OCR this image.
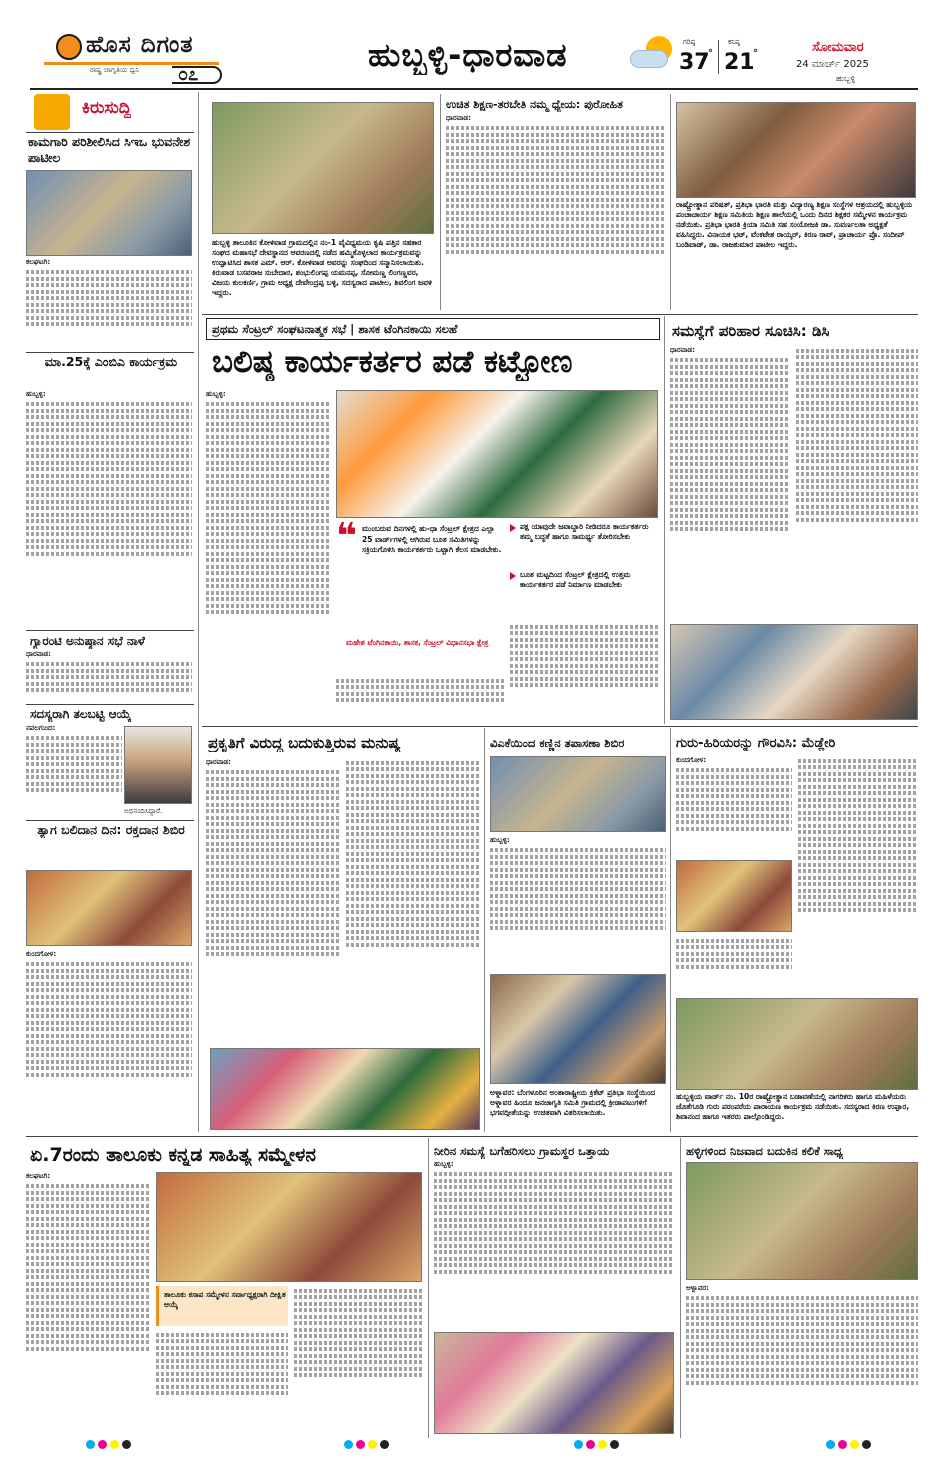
ಹೊಸ ದಿಗಂತ
ರಾಷ್ಟ್ರ ಜಾಗೃತಿಯ ಧ್ವನಿ ೦೭
ಹುಬ್ಬಳ್ಳಿ-ಧಾರವಾಡ	ಗರಿಷ್ಠ
37
°
ಕನಿಷ್ಠ
21
°	ಸೋಮವಾರ
24 ಮಾರ್ಚ್ 2025
ಹುಬ್ಬಳ್ಳಿ
ಕಿರುಸುದ್ದಿ
ಕಾಮಗಾರಿ ಪರಿಶೀಲಿಸಿದ ಸಿಇಒ ಭುವನೇಶ ಪಾಟೀಲ
ಕಲಘಟಗಿ:
ಮಾ.25ಕ್ಕೆ ಎಂಬಿಎ ಕಾರ್ಯಕ್ರಮ
ಹುಬ್ಬಳ್ಳಿ:
ಗ್ಯಾರಂಟಿ ಅನುಷ್ಠಾನ ಸಭೆ ನಾಳೆ
ಧಾರವಾಡ:
ಸದಸ್ಯರಾಗಿ ತಲಬಟ್ಟಿ ಆಯ್ಕೆ
ನವಲಗುಂದ:
ಅಭಿನಂದಿಸಿದ್ದಾರೆ.
ತ್ಯಾಗ ಬಲಿದಾನ ದಿನ: ರಕ್ತದಾನ ಶಿಬಿರ
ಕುಂದಗೋಳ:
ಹುಬ್ಬಳ್ಳಿ ತಾಲೂಕಿನ ಕೋಳಿವಾಡ ಗ್ರಾಮದಲ್ಲಿನ ನಂ-1 ವೈವಿಧ್ಯಮಯ ಕೃಷಿ ಪತ್ತಿನ ಸಹಕಾರ ಸಂಘದ ಮಹಾಸಭೆ ದೇವಸ್ಥಾನದ ಆವರಣದಲ್ಲಿ ನಡೆದ ಹಮ್ಮಿಕೊಳ್ಳಲಾದ ಕಾರ್ಯಕ್ರಮವನ್ನು ಉದ್ಘಾಟಿಸಿದ ಶಾಸಕ ಎಮ್. ಆರ್. ಕೋಳಿವಾಡ ಅವರನ್ನು ಸಂಘದಿಂದ ಸನ್ಮಾನಿಸಲಾಯಿತು. ಕಿರುವಾಡ ಬಸವರಾಜ ಸುಬೇದಾರ, ಶಂಭುಲಿಂಗಪ್ಪ ಯಮನಪ್ಪ, ಸೋಮಣ್ಣ ಲಿಂಗಣ್ಣವರ, ವಿಜಯ ಕುಲಕರ್ಣಿ, ಗ್ರಾಮ ಅಧ್ಯಕ್ಷ ದೇವೇಂದ್ರಪ್ಪ ಬಳ್ಳಿ, ಸದಸ್ಯರಾದ ಪಾಟೀಲ, ಶಿವಲಿಂಗ ಜವಳಿ ಇದ್ದರು.
ಉಚಿತ ಶಿಕ್ಷಣ-ತರಬೇತಿ ನಮ್ಮ ಧ್ಯೇಯ: ಪುರೋಹಿತ
ಧಾರವಾಡ:
ರಾಷ್ಟ್ರೋತ್ಥಾನ ಪರಿಷತ್, ಪ್ರತಿಭಾ ಭಾರತಿ ಮತ್ತು ವಿದ್ಯಾರಣ್ಯ ಶಿಕ್ಷಣ ಸಂಸ್ಥೆಗಳ ಆಶ್ರಯದಲ್ಲಿ ಹುಬ್ಬಳ್ಳಿಯ ಪಂಚಾಚಾರ್ಯ ಶಿಕ್ಷಣ ಸಮಿತಿಯ ಶಿಕ್ಷಣ ಶಾಲೆಯಲ್ಲಿ ಒಂದು ದಿನದ ಶಿಕ್ಷಕರ ಸಮ್ಮೇಳನ ಕಾರ್ಯಕ್ರಮ ನಡೆಯಿತು. ಪ್ರತಿಭಾ ಭಾರತಿ ಕ್ರಿಯಾ ಸಮಿತಿ ಸಹ ಸಂಯೋಜಕಿ ಡಾ. ಸುವರ್ಣಲತಾ ಅಧ್ಯಕ್ಷತೆ ವಹಿಸಿದ್ದರು. ವಿನಾಯಕ ಭಟ್, ವೆಂಕಟೇಶ ರಾಯ್ಕರ್, ಕಿರಣ ರಾವ್, ಪ್ರಾಚಾರ್ಯ ಪ್ರೊ. ಸಂದೀಪ್ ಬಂಡಿವಾಡ್, ಡಾ. ರಾಜಕುಮಾರ ಪಾಟೀಲ ಇದ್ದರು.
ಪ್ರಥಮ ಸೆಂಟ್ರಲ್ ಸಂಘಟನಾತ್ಮಕ ಸಭೆ | ಶಾಸಕ ಟೆಂಗಿನಕಾಯಿ ಸಲಹೆ
ಬಲಿಷ್ಠ ಕಾರ್ಯಕರ್ತರ ಪಡೆ ಕಟ್ಟೋಣ
ಹುಬ್ಬಳ್ಳಿ:
❝ ಮುಂಬರುವ ದಿನಗಳಲ್ಲಿ ಹು-ಧಾ ಸೆಂಟ್ರಲ್ ಕ್ಷೇತ್ರದ ಎಲ್ಲಾ 25 ವಾರ್ಡ್‌ಗಳಲ್ಲಿ ಆಗಿರುವ ಬೂತ ಸಮಿತಿಗಳನ್ನು ಸಕ್ರಿಯಗೊಳಿಸಿ ಕಾರ್ಯಕರ್ತರು ಒಟ್ಟಾಗಿ ಕೆಲಸ ಮಾಡಬೇಕು.
ಮಹೇಶ ಟೆಂಗಿನಕಾಯಿ, ಶಾಸಕ, ಸೆಂಟ್ರಲ್ ವಿಧಾನಸಭಾ ಕ್ಷೇತ್ರ
ಪಕ್ಷ ಯಾವುದೇ ಜವಾಬ್ದಾರಿ ನೀಡಿದರೂ ಕಾರ್ಯಕರ್ತರು ತಮ್ಮ ಬದ್ಧತೆ ಹಾಗೂ ಸಾಮರ್ಥ್ಯ ತೋರಿಸಬೇಕು
ಬೂತ ಮಟ್ಟದಿಂದ ಸೆಂಟ್ರಲ್ ಕ್ಷೇತ್ರದಲ್ಲಿ ಉತ್ತಮ ಕಾರ್ಯಕರ್ತರ ಪಡೆ ನಿರ್ಮಾಣ ಮಾಡಬೇಕು
ಸಮಸ್ಯೆಗೆ ಪರಿಹಾರ ಸೂಚಿಸಿ: ಡಿಸಿ
ಧಾರವಾಡ:
ಪ್ರಕೃತಿಗೆ ವಿರುದ್ಧ ಬದುಕುತ್ತಿರುವ ಮನುಷ್ಯ
ಧಾರವಾಡ:
ವಿಎಕೆಯಿಂದ ಕಣ್ಣಿನ ತಪಾಸಣಾ ಶಿಬಿರ
ಹುಬ್ಬಳ್ಳಿ:
ಅಳ್ನಾವರ: ಬೆಂಗಳೂರಿನ ಅಂತಾರಾಷ್ಟ್ರೀಯ ಕ್ರಿಕೆಟ್ ಪ್ರತಿಭಾ ಸಂಸ್ಥೆಯಿಂದ ಅಳ್ನಾವರ ಹಿಂದೂ ಜನಜಾಗೃತಿ ಸಮಿತಿ ಗ್ರಾಮದಲ್ಲಿ ಕ್ರೀಡಾಪಟುಗಳಿಗೆ ಭಗವದ್ಗೀತೆಯನ್ನು ಉಚಿತವಾಗಿ ವಿತರಿಸಲಾಯಿತು.
ಗುರು-ಹಿರಿಯರನ್ನು ಗೌರವಿಸಿ: ಮೆಡ್ಲೇರಿ
ಕುಂದಗೋಳ:
ಹುಬ್ಬಳ್ಳಿಯ ವಾರ್ಡ್ ನಂ. 10ರ ರಾಷ್ಟ್ರೋತ್ಥಾನ ಬಡಾವಣೆಯಲ್ಲಿ ನಾಗರಿಕರು ಹಾಗೂ ಮಹಿಳೆಯರು ಜೊತೆಗೂಡಿ ಗುರು ಪರಂಪರೆಯ ಪಾರಾಯಣ ಕಾರ್ಯಕ್ರಮ ನಡೆಯಿತು. ಸದಸ್ಯರಾದ ಕಿರಣ ಉಪ್ಪಾರ, ಶಿವಾನಂದ ಹಾಗೂ ಇತರರು ಪಾಲ್ಗೊಂಡಿದ್ದರು.
ಏ.7ರಂದು ತಾಲೂಕು ಕನ್ನಡ ಸಾಹಿತ್ಯ ಸಮ್ಮೇಳನ
ಕಲಘಟಗಿ:
ತಾಲೂಕು ಕಸಾಪ ಸಮ್ಮೇಳನ ಸರ್ವಾಧ್ಯಕ್ಷರಾಗಿ ದೀಕ್ಷಿತ ಆಯ್ಕೆ
ನೀರಿನ ಸಮಸ್ಯೆ ಬಗೆಹರಿಸಲು ಗ್ರಾಮಸ್ಥರ ಒತ್ತಾಯ
ಹುಬ್ಬಳ್ಳಿ:
ಹಳ್ಳಿಗಳಿಂದ ನಿಜವಾದ ಬದುಕಿನ ಕಲಿಕೆ ಸಾಧ್ಯ
ಅಳ್ನಾವರ:
